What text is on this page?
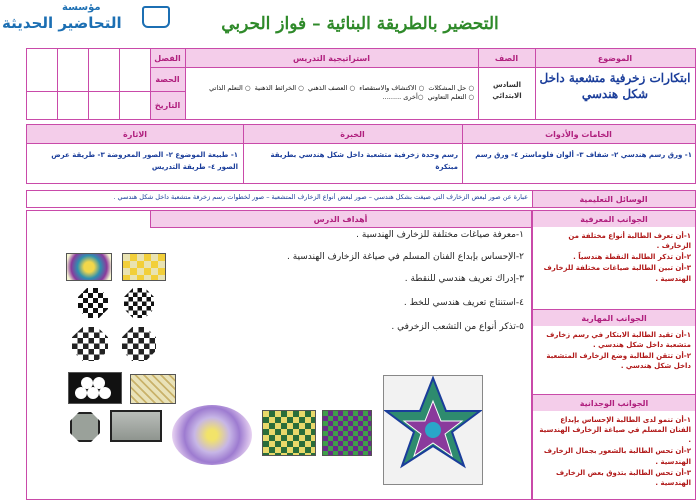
مؤسسة
التحاضير الحديثة	التحضير بالطريقة البنائية – فواز الحربي
الموضوع
الصف
استراتيجية التدريس
الفصل
الحصة
التاريخ
ابتكارات زخرفية متشعبة داخل شكل هندسي
السادس الابتدائي
○ حل المشكلات  ○ الاكتشاف والاستقصاء  ○ العصف الذهني  ○ الخرائط الذهنية  ○ التعلم الذاتي
○ التعلم التعاوني  ○أخرى .........
الخامات والأدوات
الخبرة
الاثارة
١- ورق رسم هندسي ٢- شفاف ٣- ألوان فلوماستر ٤- ورق رسم
رسم وحدة زخرفية متشعبة داخل شكل هندسي بطريقة مبتكرة
١- طبيعة الموضوع ٢- الصور المعروضة ٣- طريقة عرض الصور ٤- طريقة التدريس
الوسائل التعليمية
عبارة عن صور لبعض الزخارف التي صيغت بشكل هندسي – صور لبعض أنواع الزخارف المتشعبة – صور لخطوات رسم زخرفة متشعبة داخل شكل هندسي .
الجوانب المعرفية
١-أن تعرف الطالبة أنواع مختلفة من الزخارف .
٢-أن تذكر الطالبة النقطة هندسياً .
٣-أن تبين الطالبة صياغات مختلفة للزخارف الهندسية .
الجوانب المهارية
١-أن تقيد الطالبة الابتكار في رسم زخارف متشعبة داخل شكل هندسي .
٢-أن تتقن الطالبة وضع الزخارف المتشعبة داخل شكل هندسي .
الجوانب الوجدانية
١-أن تنمو لدى الطالبة الإحساس بإبداع الفنان المسلم في صياغة الزخارف الهندسية .
٢-أن تحس الطالبة بالشعور بجمال الزخارف الهندسية .
٣-أن تحس الطالبة بتذوق بعض الزخارف الهندسية .
أهداف الدرس
١-معرفة صياغات مختلفة للزخارف الهندسية .
٢-الإحساس بإبداع الفنان المسلم في صياغة الزخارف الهندسية .
٣-إدراك تعريف هندسي للنقطة .
٤-استنتاج تعريف هندسي للخط .
٥-تذكر أنواع من التشعب الزخرفي .
